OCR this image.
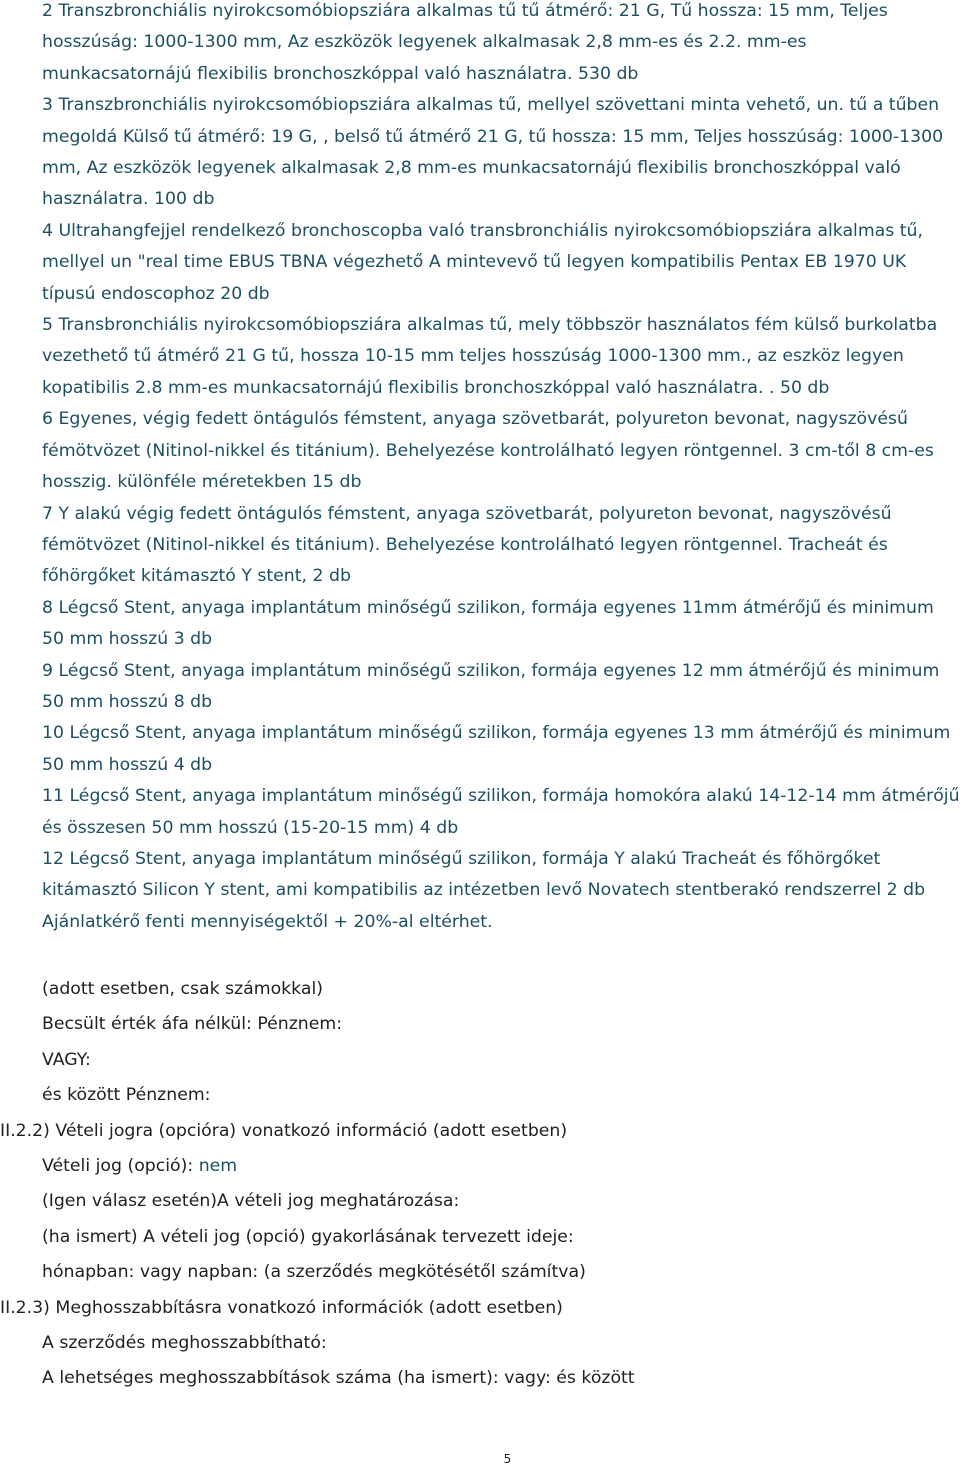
2 Transzbronchiális nyirokcsomóbiopsziára alkalmas tű tű átmérő: 21 G, Tű hossza: 15 mm, Teljes hosszúság: 1000-1300 mm, Az eszközök legyenek alkalmasak 2,8 mm-es és 2.2. mm-es munkacsatornájú flexibilis bronchoszkóppal való használatra. 530 db

3 Transzbronchiális nyirokcsomóbiopsziára alkalmas tű, mellyel szövettani minta vehető, un. tű a tűben megoldá Külső tű átmérő: 19 G, , belső tű átmérő 21 G, tű hossza: 15 mm, Teljes hosszúság: 1000-1300 mm, Az eszközök legyenek alkalmasak 2,8 mm-es munkacsatornájú flexibilis bronchoszkóppal való használatra. 100 db

4 Ultrahangfejjel rendelkező bronchoscopba való transbronchiális nyirokcsomóbiopsziára alkalmas tű, mellyel un "real time EBUS TBNA végezhető A mintevevő tű legyen kompatibilis Pentax EB 1970 UK típusú endoscophoz 20 db

5 Transbronchiális nyirokcsomóbiopsziára alkalmas tű, mely többször használatos fém külső burkolatba vezethető tű átmérő 21 G tű, hossza 10-15 mm teljes hosszúság 1000-1300 mm., az eszköz legyen kopatibilis 2.8 mm-es munkacsatornájú flexibilis bronchoszkóppal való használatra. . 50 db

6 Egyenes, végig fedett öntágulós fémstent, anyaga szövetbarát, polyureton bevonat, nagyszövésű fémötvözet (Nitinol-nikkel és titánium). Behelyezése kontrolálható legyen röntgennel. 3 cm-től 8 cm-es hosszig. különféle méretekben 15 db

7 Y alakú végig fedett öntágulós fémstent, anyaga szövetbarát, polyureton bevonat, nagyszövésű fémötvözet (Nitinol-nikkel és titánium). Behelyezése kontrolálható legyen röntgennel. Tracheát és főhörgőket kitámasztó Y stent, 2 db

8 Légcső Stent, anyaga implantátum minőségű szilikon, formája egyenes 11mm átmérőjű és minimum 50 mm hosszú 3 db

9 Légcső Stent, anyaga implantátum minőségű szilikon, formája egyenes 12 mm átmérőjű és minimum 50 mm hosszú 8 db

10 Légcső Stent, anyaga implantátum minőségű szilikon, formája egyenes 13 mm átmérőjű és minimum 50 mm hosszú 4 db

11 Légcső Stent, anyaga implantátum minőségű szilikon, formája homokóra alakú 14-12-14 mm átmérőjű és összesen 50 mm hosszú (15-20-15 mm) 4 db

12 Légcső Stent, anyaga implantátum minőségű szilikon, formája Y alakú Tracheát és főhörgőket kitámasztó Silicon Y stent, ami kompatibilis az intézetben levő Novatech stentberakó rendszerrel 2 db

Ajánlatkérő fenti mennyiségektől + 20%-al eltérhet.

(adott esetben, csak számokkal)

Becsült érték áfa nélkül: Pénznem:

VAGY:

és között Pénznem:

II.2.2) Vételi jogra (opcióra) vonatkozó információ (adott esetben)

Vételi jog (opció): nem

(Igen válasz esetén)A vételi jog meghatározása:

(ha ismert) A vételi jog (opció) gyakorlásának tervezett ideje:

hónapban: vagy napban: (a szerződés megkötésétől számítva)

II.2.3) Meghosszabbításra vonatkozó információk (adott esetben)

A szerződés meghosszabbítható:

A lehetséges meghosszabbítások száma (ha ismert): vagy: és között

5
